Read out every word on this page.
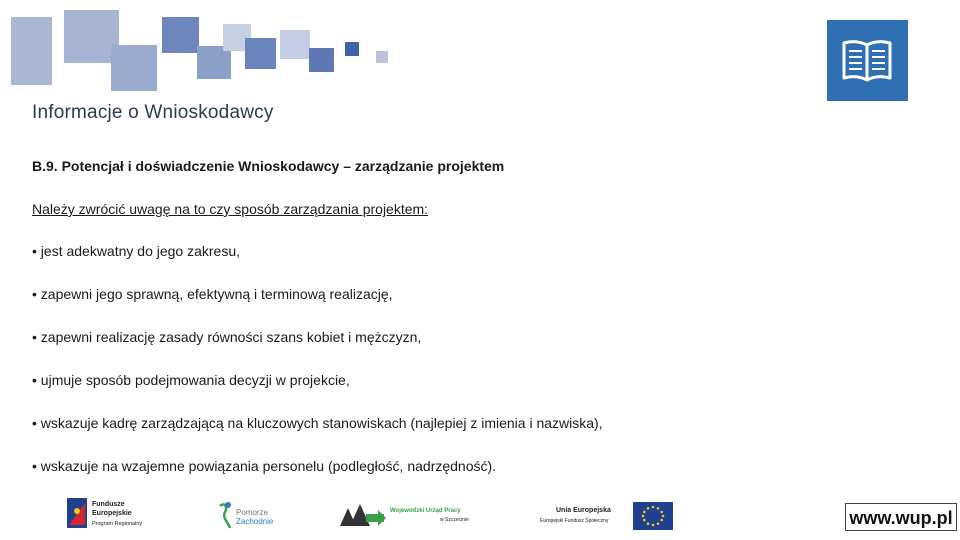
Informacje o Wnioskodawcy
B.9. Potencjał i doświadczenie Wnioskodawcy – zarządzanie projektem
Należy zwrócić uwagę na to czy sposób zarządzania projektem:
• jest adekwatny do jego zakresu,
• zapewni jego sprawną, efektywną i terminową realizację,
• zapewni realizację zasady równości szans kobiet i mężczyzn,
• ujmuje sposób podejmowania decyzji w projekcie,
• wskazuje kadrę zarządzającą na kluczowych stanowiskach (najlepiej z imienia i nazwiska),
• wskazuje na wzajemne powiązania personelu (podległość, nadrzędność).
Fundusze
Europejskie
Program Regionalny
Pomorze
Zachodnie
Wojewódzki Urząd Pracy
w Szczecinie
Unia Europejska
Europejski Fundusz Społeczny	www.wup.pl
